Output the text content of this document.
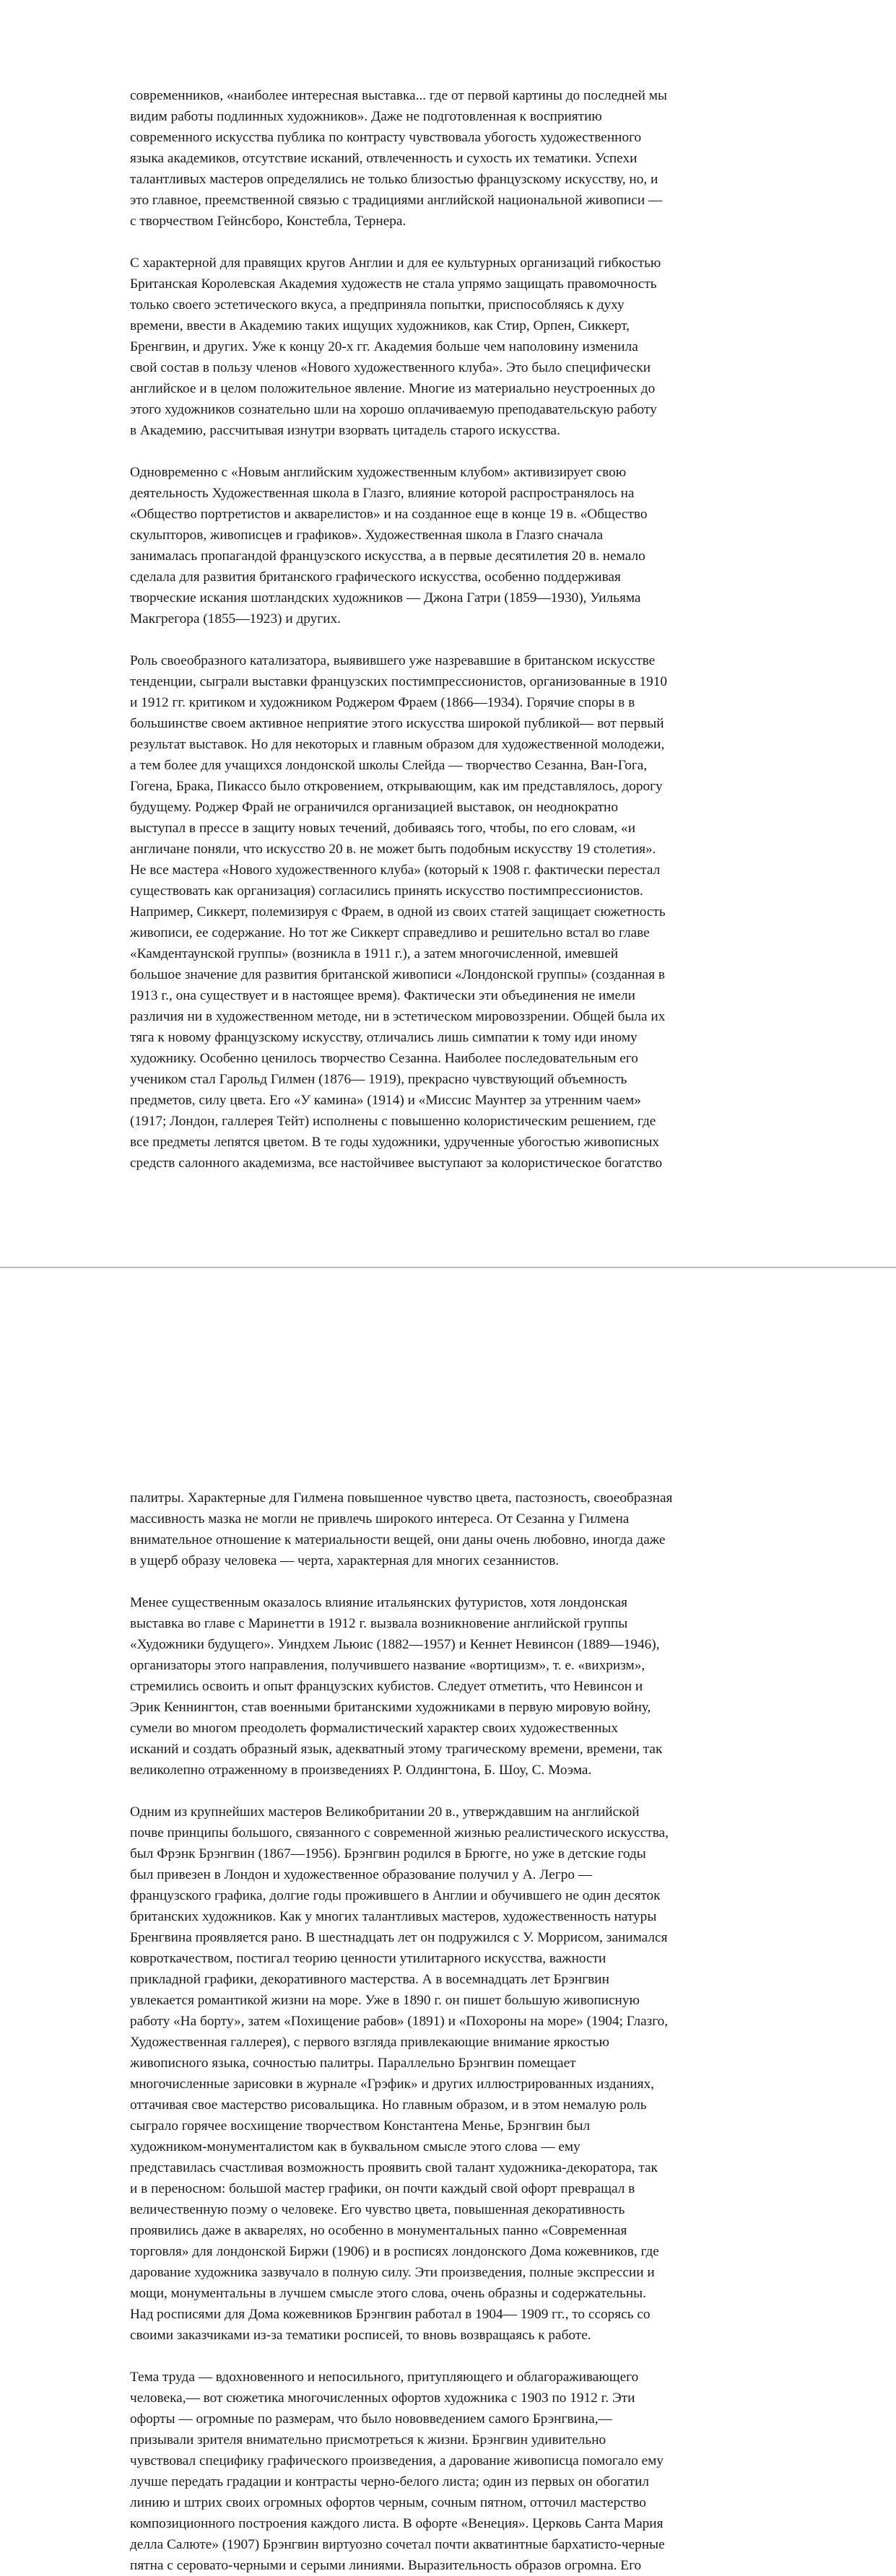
современников, «наиболее интересная выставка... где от первой картины до последней мы
видим работы подлинных художников». Даже не подготовленная к восприятию
современного искусства публика по контрасту чувствовала убогость художественного
языка академиков, отсутствие исканий, отвлеченность и сухость их тематики. Успехи
талантливых мастеров определялись не только близостью французскому искусству, но, и
это главное, преемственной связью с традициями английской национальной живописи —
с творчеством Гейнсборо, Констебла, Тернера.

С характерной для правящих кругов Англии и для ее культурных организаций гибкостью
Британская Королевская Академия художеств не стала упрямо защищать правомочность
только своего эстетического вкуса, а предприняла попытки, приспособляясь к духу
времени, ввести в Академию таких ищущих художников, как Стир, Орпен, Сиккерт,
Бренгвин, и других. Уже к концу 20-х гг. Академия больше чем наполовину изменила
свой состав в пользу членов «Нового художественного клуба». Это было специфически
английское и в целом положительное явление. Многие из материально неустроенных до
этого художников сознательно шли на хорошо оплачиваемую преподавательскую работу
в Академию, рассчитывая изнутри взорвать цитадель старого искусства.

Одновременно с «Новым английским художественным клубом» активизирует свою
деятельность Художественная школа в Глазго, влияние которой распространялось на
«Общество портретистов и акварелистов» и на созданное еще в конце 19 в. «Общество
скульпторов, живописцев и графиков». Художественная школа в Глазго сначала
занималась пропагандой французского искусства, а в первые десятилетия 20 в. немало
сделала для развития британского графического искусства, особенно поддерживая
творческие искания шотландских художников — Джона Гатри (1859—1930), Уильяма
Макгрегора (1855—1923) и других.

Роль своеобразного катализатора, выявившего уже назревавшие в британском искусстве
тенденции, сыграли выставки французских постимпрессионистов, организованные в 1910
и 1912 гг. критиком и художником Роджером Фраем (1866—1934). Горячие споры в в
большинстве своем активное неприятие этого искусства широкой публикой— вот первый
результат выставок. Но для некоторых и главным образом для художественной молодежи,
а тем более для учащихся лондонской школы Слейда — творчество Сезанна, Ван-Гога,
Гогена, Брака, Пикассо было откровением, открывающим, как им представлялось, дорогу
будущему. Роджер Фрай не ограничился организацией выставок, он неоднократно
выступал в прессе в защиту новых течений, добиваясь того, чтобы, по его словам, «и
англичане поняли, что искусство 20 в. не может быть подобным искусству 19 столетия».
Не все мастера «Нового художественного клуба» (который к 1908 г. фактически перестал
существовать как организация) согласились принять искусство постимпрессионистов.
Например, Сиккерт, полемизируя с Фраем, в одной из своих статей защищает сюжетность
живописи, ее содержание. Но тот же Сиккерт справедливо и решительно встал во главе
«Камдентаунской группы» (возникла в 1911 г.), а затем многочисленной, имевшей
большое значение для развития британской живописи «Лондонской группы» (созданная в
1913 г., она существует и в настоящее время). Фактически эти объединения не имели
различия ни в художественном методе, ни в эстетическом мировоззрении. Общей была их
тяга к новому французскому искусству, отличались лишь симпатии к тому иди иному
художнику. Особенно ценилось творчество Сезанна. Наиболее последовательным его
учеником стал Гарольд Гилмен (1876— 1919), прекрасно чувствующий объемность
предметов, силу цвета. Его «У камина» (1914) и «Миссис Маунтер за утренним чаем»
(1917; Лондон, галлерея Тейт) исполнены с повышенно колористическим решением, где
все предметы лепятся цветом. В те годы художники, удрученные убогостью живописных
средств салонного академизма, все настойчивее выступают за колористическое богатство

палитры. Характерные для Гилмена повышенное чувство цвета, пастозность, своеобразная
массивность мазка не могли не привлечь широкого интереса. От Сезанна у Гилмена
внимательное отношение к материальности вещей, они даны очень любовно, иногда даже
в ущерб образу человека — черта, характерная для многих сезаннистов.

Менее существенным оказалось влияние итальянских футуристов, хотя лондонская
выставка во главе с Маринетти в 1912 г. вызвала возникновение английской группы
«Художники будущего». Уиндхем Льюис (1882—1957) и Кеннет Невинсон (1889—1946),
организаторы этого направления, получившего название «вортицизм», т. е. «вихризм»,
стремились освоить и опыт французских кубистов. Следует отметить, что Невинсон и
Эрик Кеннингтон, став военными британскими художниками в первую мировую войну,
сумели во многом преодолеть формалистический характер своих художественных
исканий и создать образный язык, адекватный этому трагическому времени, времени, так
великолепно отраженному в произведениях Р. Олдингтона, Б. Шоу, С. Моэма.

Одним из крупнейших мастеров Великобритании 20 в., утверждавшим на английской
почве принципы большого, связанного с современной жизнью реалистического искусства,
был Фрэнк Брэнгвин (1867—1956). Брэнгвин родился в Брюгге, но уже в детские годы
был привезен в Лондон и художественное образование получил у А. Легро —
французского графика, долгие годы прожившего в Англии и обучившего не один десяток
британских художников. Как у многих талантливых мастеров, художественность натуры
Бренгвина проявляется рано. В шестнадцать лет он подружился с У. Моррисом, занимался
ковроткачеством, постигал теорию ценности утилитарного искусства, важности
прикладной графики, декоративного мастерства. А в восемнадцать лет Брэнгвин
увлекается романтикой жизни на море. Уже в 1890 г. он пишет большую живописную
работу «На борту», затем «Похищение рабов» (1891) и «Похороны на море» (1904; Глазго,
Художественная галлерея), с первого взгляда привлекающие внимание яркостью
живописного языка, сочностью палитры. Параллельно Брэнгвин помещает
многочисленные зарисовки в журнале «Грэфик» и других иллюстрированных изданиях,
оттачивая свое мастерство рисовальщика. Но главным образом, и в этом немалую роль
сыграло горячее восхищение творчеством Константена Менье, Брэнгвин был
художником-монументалистом как в буквальном смысле этого слова — ему
представилась счастливая возможность проявить свой талант художника-декоратора, так
и в переносном: большой мастер графики, он почти каждый свой офорт превращал в
величественную поэму о человеке. Его чувство цвета, повышенная декоративность
проявились даже в акварелях, но особенно в монументальных панно «Современная
торговля» для лондонской Биржи (1906) и в росписях лондонского Дома кожевников, где
дарование художника зазвучало в полную силу. Эти произведения, полные экспрессии и
мощи, монументальны в лучшем смысле этого слова, очень образны и содержательны.
Над росписями для Дома кожевников Брэнгвин работал в 1904— 1909 гг., то ссорясь со
своими заказчиками из-за тематики росписей, то вновь возвращаясь к работе.

Тема труда — вдохновенного и непосильного, притупляющего и облагораживающего
человека,— вот сюжетика многочисленных офортов художника с 1903 по 1912 г. Эти
офорты — огромные по размерам, что было нововведением самого Брэнгвина,—
призывали зрителя внимательно присмотреться к жизни. Брэнгвин удивительно
чувствовал специфику графического произведения, а дарование живописца помогало ему
лучше передать градации и контрасты черно-белого листа; один из первых он обогатил
линию и штрих своих огромных офортов черным, сочным пятном, отточил мастерство
композиционного построения каждого листа. В офорте «Венеция». Церковь Санта Мария
делла Салюте» (1907) Брэнгвин виртуозно сочетал почти акватинтные бархатисто-черные
пятна с серовато-черными и серыми линиями. Выразительность образов огромна. Его
